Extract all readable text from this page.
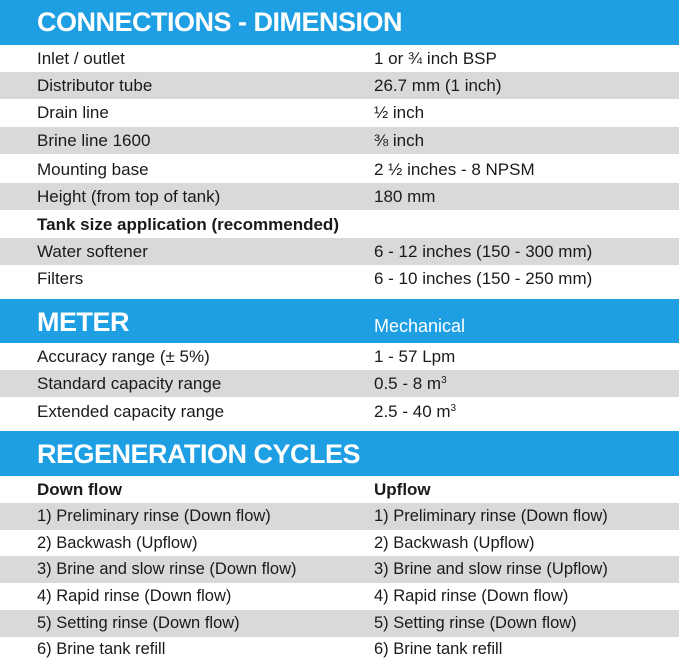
CONNECTIONS - DIMENSION
Inlet / outlet	1 or ¾ inch BSP
Distributor tube	26.7 mm (1 inch)
Drain line	½ inch
Brine line 1600	⅜ inch
Mounting base	2 ½ inches - 8 NPSM
Height (from top of tank)	180 mm
Tank size application (recommended)
Water softener	6 - 12 inches (150 - 300 mm)
Filters	6 - 10 inches (150 - 250 mm)
METER	Mechanical
Accuracy range (± 5%)	1 - 57 Lpm
Standard capacity range	0.5 - 8 $m^3$
Extended capacity range	2.5 - 40 $m^3$
REGENERATION CYCLES
Down flow	Upflow
1) Preliminary rinse (Down flow)	1) Preliminary rinse (Down flow)
2) Backwash (Upflow)	2) Backwash (Upflow)
3) Brine and slow rinse (Down flow)	3) Brine and slow rinse (Upflow)
4) Rapid rinse (Down flow)	4) Rapid rinse (Down flow)
5) Setting rinse (Down flow)	5) Setting rinse (Down flow)
6) Brine tank refill	6) Brine tank refill
